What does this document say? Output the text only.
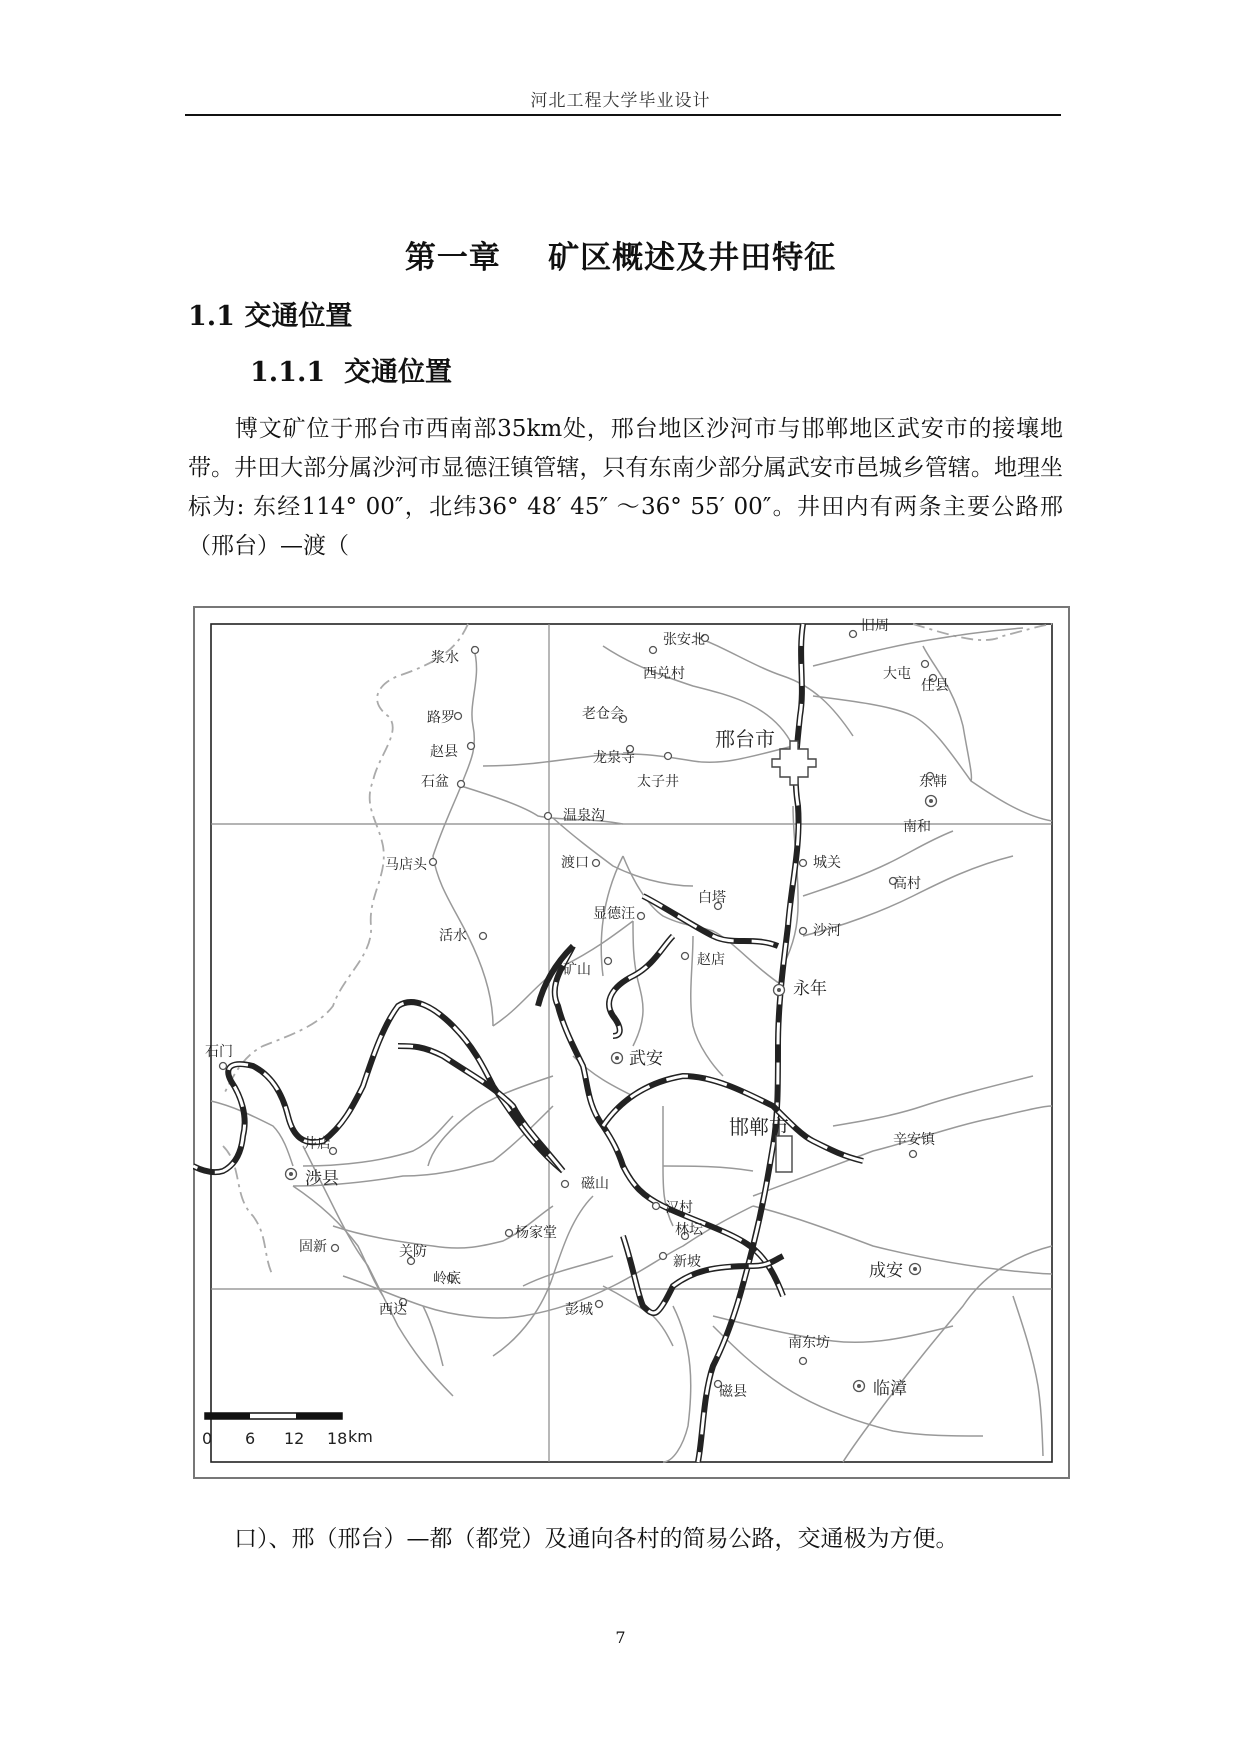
河北工程大学毕业设计
第一章    矿区概述及井田特征
1.1 交通位置
1.1.1  交通位置
博文矿位于邢台市西南部35km处，邢台地区沙河市与邯郸地区武安市的接壤地带。井田大部分属沙河市显德汪镇管辖，只有东南少部分属武安市邑城乡管辖。地理坐标为: 东经114° 00″，北纬36° 48′ 45″ ～36° 55′ 00″。井田内有两条主要公路邢（邢台）—渡（
0 6 12 18 km
张安北
旧周
浆水
西兑村	大屯
任县
路罗	老仓会
邢台市
赵县	龙泉寺
石盆	太子井	东韩
温泉沟
南和
马店头	渡口	城关
白塔
高村
显德汪
沙河
活水
矿山
赵店
永年
石门	武安
邯郸市
井店	辛安镇
磁山
涉县
汉村
林坛
固新	关防
杨家堂
新坡
岭底	成安
西达	彭城
南东坊
磁县	临漳
口）、邢（邢台）—都（都党）及通向各村的简易公路，交通极为方便。
7
